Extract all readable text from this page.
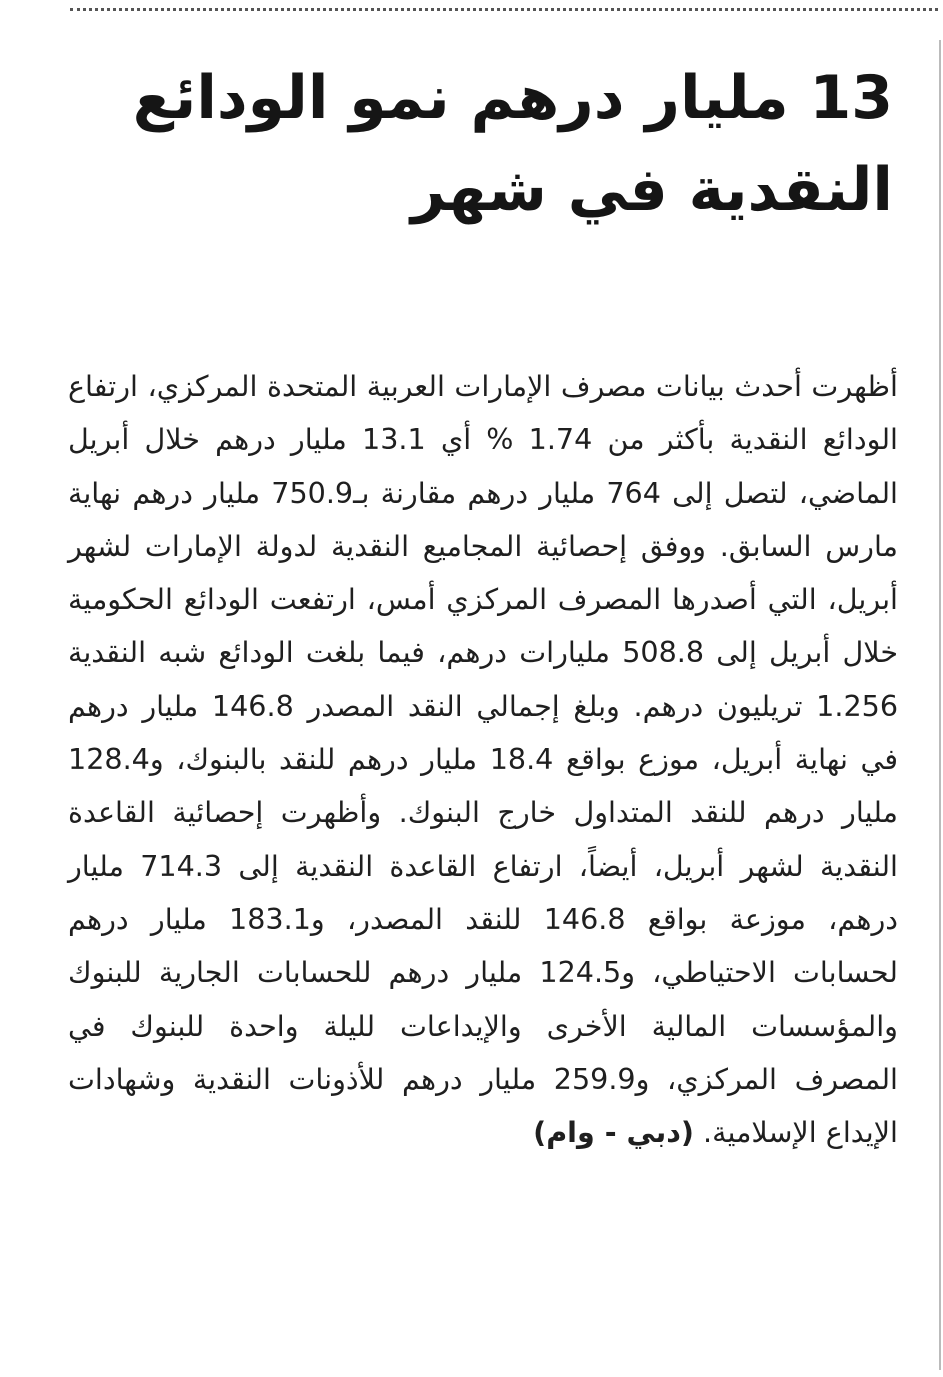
13 مليار درهم نمو الودائع النقدية في شهر

أظهرت أحدث بيانات مصرف الإمارات العربية المتحدة المركزي، ارتفاع الودائع النقدية بأكثر من 1.74 % أي 13.1 مليار درهم خلال أبريل الماضي، لتصل إلى 764 مليار درهم مقارنة بـ750.9 مليار درهم نهاية مارس السابق. ووفق إحصائية المجاميع النقدية لدولة الإمارات لشهر أبريل، التي أصدرها المصرف المركزي أمس، ارتفعت الودائع الحكومية خلال أبريل إلى 508.8 مليارات درهم، فيما بلغت الودائع شبه النقدية 1.256 تريليون درهم. وبلغ إجمالي النقد المصدر 146.8 مليار درهم في نهاية أبريل، موزع بواقع 18.4 مليار درهم للنقد بالبنوك، و128.4 مليار درهم للنقد المتداول خارج البنوك. وأظهرت إحصائية القاعدة النقدية لشهر أبريل، أيضاً، ارتفاع القاعدة النقدية إلى 714.3 مليار درهم، موزعة بواقع 146.8 للنقد المصدر، و183.1 مليار درهم لحسابات الاحتياطي، و124.5 مليار درهم للحسابات الجارية للبنوك والمؤسسات المالية الأخرى والإيداعات لليلة واحدة للبنوك في المصرف المركزي، و259.9 مليار درهم للأذونات النقدية وشهادات الإيداع الإسلامية. (دبي - وام)
